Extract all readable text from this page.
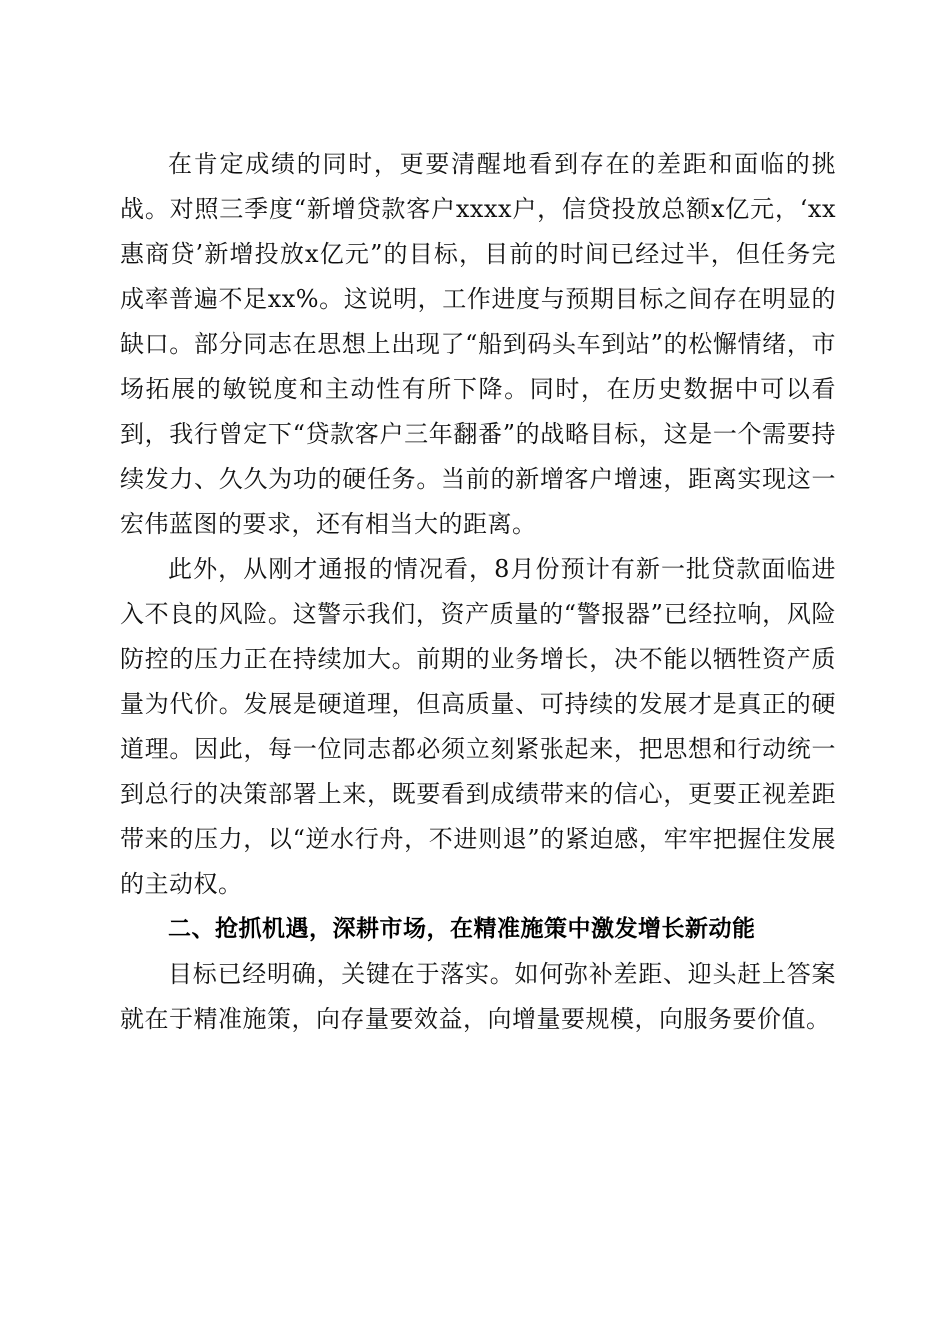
在肯定成绩的同时，更要清醒地看到存在的差距和面临的挑战。对照三季度“新增贷款客户xxxx户，信贷投放总额x亿元，‘xx惠商贷’新增投放x亿元”的目标，目前的时间已经过半，但任务完成率普遍不足xx%。这说明，工作进度与预期目标之间存在明显的缺口。部分同志在思想上出现了“船到码头车到站”的松懈情绪，市场拓展的敏锐度和主动性有所下降。同时，在历史数据中可以看到，我行曾定下“贷款客户三年翻番”的战略目标，这是一个需要持续发力、久久为功的硬任务。当前的新增客户增速，距离实现这一宏伟蓝图的要求，还有相当大的距离。

此外，从刚才通报的情况看，8月份预计有新一批贷款面临进入不良的风险。这警示我们，资产质量的“警报器”已经拉响，风险防控的压力正在持续加大。前期的业务增长，决不能以牺牲资产质量为代价。发展是硬道理，但高质量、可持续的发展才是真正的硬道理。因此，每一位同志都必须立刻紧张起来，把思想和行动统一到总行的决策部署上来，既要看到成绩带来的信心，更要正视差距带来的压力，以“逆水行舟，不进则退”的紧迫感，牢牢把握住发展的主动权。

二、抢抓机遇，深耕市场，在精准施策中激发增长新动能

目标已经明确，关键在于落实。如何弥补差距、迎头赶上答案就在于精准施策，向存量要效益，向增量要规模，向服务要价值。
